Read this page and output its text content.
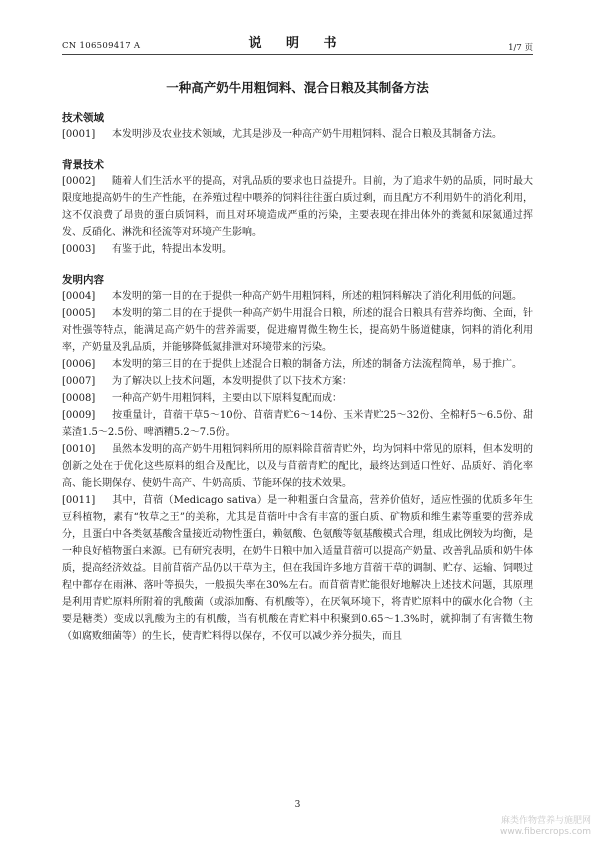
CN 106509417 A	说 明 书	1/7 页
一种高产奶牛用粗饲料、混合日粮及其制备方法
技术领域

[0001] 本发明涉及农业技术领域，尤其是涉及一种高产奶牛用粗饲料、混合日粮及其制备方法。

背景技术

[0002] 随着人们生活水平的提高，对乳品质的要求也日益提升。目前，为了追求牛奶的品质，同时最大限度地提高奶牛的生产性能，在养殖过程中喂养的饲料往往蛋白质过剩，而且配方不利用奶牛的消化利用，这不仅浪费了昂贵的蛋白质饲料，而且对环境造成严重的污染，主要表现在排出体外的粪氮和尿氮通过挥发、反硝化、淋洗和径流等对环境产生影响。

[0003] 有鉴于此，特提出本发明。

发明内容

[0004] 本发明的第一目的在于提供一种高产奶牛用粗饲料，所述的粗饲料解决了消化利用低的问题。

[0005] 本发明的第二目的在于提供一种高产奶牛用混合日粮，所述的混合日粮具有营养均衡、全面，针对性强等特点，能满足高产奶牛的营养需要，促进瘤胃微生物生长，提高奶牛肠道健康，饲料的消化利用率，产奶量及乳品质，并能够降低氮排泄对环境带来的污染。

[0006] 本发明的第三目的在于提供上述混合日粮的制备方法，所述的制备方法流程简单，易于推广。

[0007] 为了解决以上技术问题，本发明提供了以下技术方案：

[0008] 一种高产奶牛用粗饲料，主要由以下原料复配而成：

[0009] 按重量计，苜蓿干草5～10份、苜蓿青贮6～14份、玉米青贮25～32份、全棉籽5～6.5份、甜菜渣1.5～2.5份、啤酒糟5.2～7.5份。

[0010] 虽然本发明的高产奶牛用粗饲料所用的原料除苜蓿青贮外，均为饲料中常见的原料，但本发明的创新之处在于优化这些原料的组合及配比，以及与苜蓿青贮的配比，最终达到适口性好、品质好、消化率高、能长期保存、使奶牛高产、牛奶高质、节能环保的技术效果。

[0011] 其中，苜蓿（Medicago sativa）是一种粗蛋白含量高，营养价值好，适应性强的优质多年生豆科植物，素有“牧草之王”的美称，尤其是苜蓿叶中含有丰富的蛋白质、矿物质和维生素等重要的营养成分，且蛋白中各类氨基酸含量接近动物性蛋白，赖氨酸、色氨酸等氨基酸模式合理，组成比例较为均衡，是一种良好植物蛋白来源。已有研究表明，在奶牛日粮中加入适量苜蓿可以提高产奶量、改善乳品质和奶牛体质，提高经济效益。目前苜蓿产品仍以干草为主，但在我国许多地方苜蓿干草的调制、贮存、运输、饲喂过程中都存在雨淋、落叶等损失，一般损失率在30%左右。而苜蓿青贮能很好地解决上述技术问题，其原理是利用青贮原料所附着的乳酸菌（或添加酶、有机酸等），在厌氧环境下，将青贮原料中的碳水化合物（主要是糖类）变成以乳酸为主的有机酸，当有机酸在青贮料中积聚到0.65～1.3%时，就抑制了有害微生物（如腐败细菌等）的生长，使青贮料得以保存，不仅可以减少养分损失，而且

3
麻类作物营养与施肥网
www.fibercrops.com
